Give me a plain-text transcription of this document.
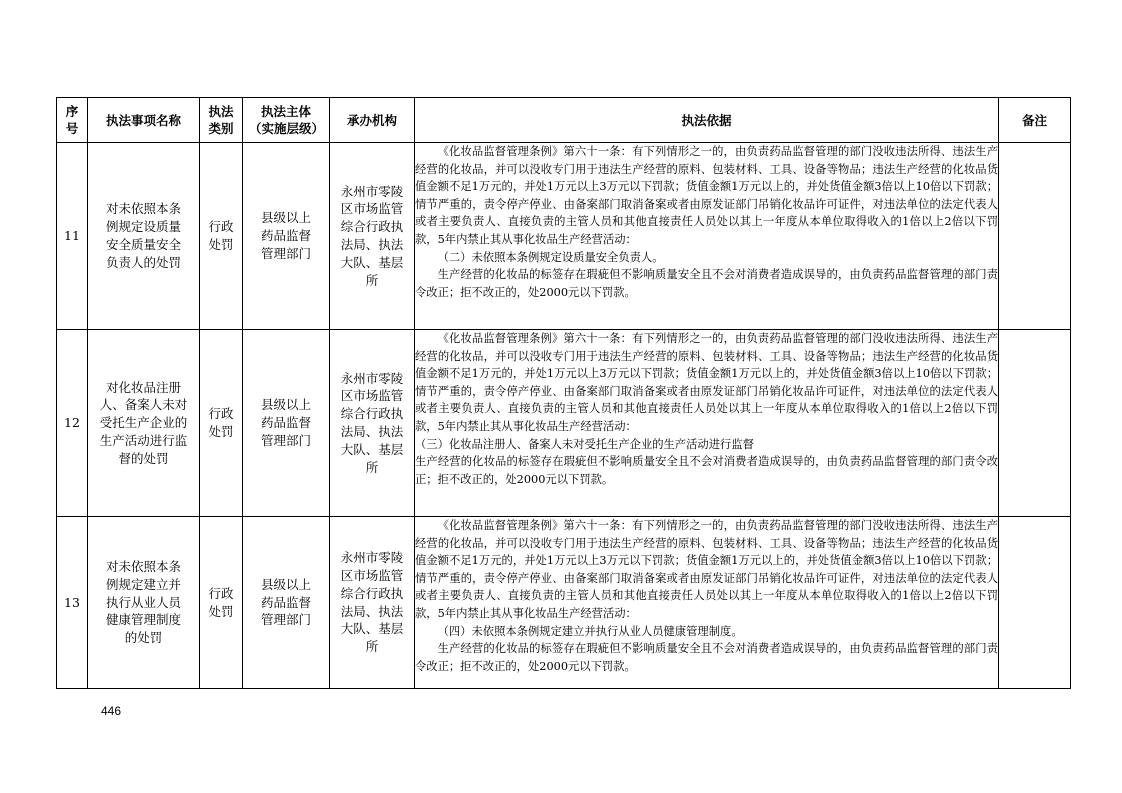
序号	执法事项名称	执法类别	执法主体（实施层级）	承办机构	执法依据	备注
11	对未依照本条例规定设质量安全质量安全负责人的处罚	行政处罚	县级以上药品监督管理部门	永州市零陵区市场监管综合行政执法局、执法大队、基层所	《化妆品监督管理条例》第六十一条：有下列情形之一的，由负责药品监督管理的部门没收违法所得、违法生产经营的化妆品，并可以没收专门用于违法生产经营的原料、包装材料、工具、设备等物品；违法生产经营的化妆品货值金额不足1万元的，并处1万元以上3万元以下罚款；货值金额1万元以上的，并处货值金额3倍以上10倍以下罚款；情节严重的，责令停产停业、由备案部门取消备案或者由原发证部门吊销化妆品许可证件，对违法单位的法定代表人或者主要负责人、直接负责的主管人员和其他直接责任人员处以其上一年度从本单位取得收入的1倍以上2倍以下罚款，5年内禁止其从事化妆品生产经营活动：
（二）未依照本条例规定设质量安全负责人。
生产经营的化妆品的标签存在瑕疵但不影响质量安全且不会对消费者造成误导的，由负责药品监督管理的部门责令改正；拒不改正的，处2000元以下罚款。	

12	对化妆品注册人、备案人未对受托生产企业的生产活动进行监督的处罚	行政处罚	县级以上药品监督管理部门	永州市零陵区市场监管综合行政执法局、执法大队、基层所	《化妆品监督管理条例》第六十一条：有下列情形之一的，由负责药品监督管理的部门没收违法所得、违法生产经营的化妆品，并可以没收专门用于违法生产经营的原料、包装材料、工具、设备等物品；违法生产经营的化妆品货值金额不足1万元的，并处1万元以上3万元以下罚款；货值金额1万元以上的，并处货值金额3倍以上10倍以下罚款；情节严重的，责令停产停业、由备案部门取消备案或者由原发证部门吊销化妆品许可证件，对违法单位的法定代表人或者主要负责人、直接负责的主管人员和其他直接责任人员处以其上一年度从本单位取得收入的1倍以上2倍以下罚款，5年内禁止其从事化妆品生产经营活动：
（三）化妆品注册人、备案人未对受托生产企业的生产活动进行监督
生产经营的化妆品的标签存在瑕疵但不影响质量安全且不会对消费者造成误导的，由负责药品监督管理的部门责令改正；拒不改正的，处2000元以下罚款。	

13	对未依照本条例规定建立并执行从业人员健康管理制度的处罚	行政处罚	县级以上药品监督管理部门	永州市零陵区市场监管综合行政执法局、执法大队、基层所	《化妆品监督管理条例》第六十一条：有下列情形之一的，由负责药品监督管理的部门没收违法所得、违法生产经营的化妆品，并可以没收专门用于违法生产经营的原料、包装材料、工具、设备等物品；违法生产经营的化妆品货值金额不足1万元的，并处1万元以上3万元以下罚款；货值金额1万元以上的，并处货值金额3倍以上10倍以下罚款；情节严重的，责令停产停业、由备案部门取消备案或者由原发证部门吊销化妆品许可证件，对违法单位的法定代表人或者主要负责人、直接负责的主管人员和其他直接责任人员处以其上一年度从本单位取得收入的1倍以上2倍以下罚款，5年内禁止其从事化妆品生产经营活动：
（四）未依照本条例规定建立并执行从业人员健康管理制度。
生产经营的化妆品的标签存在瑕疵但不影响质量安全且不会对消费者造成误导的，由负责药品监督管理的部门责令改正；拒不改正的，处2000元以下罚款。	

446
